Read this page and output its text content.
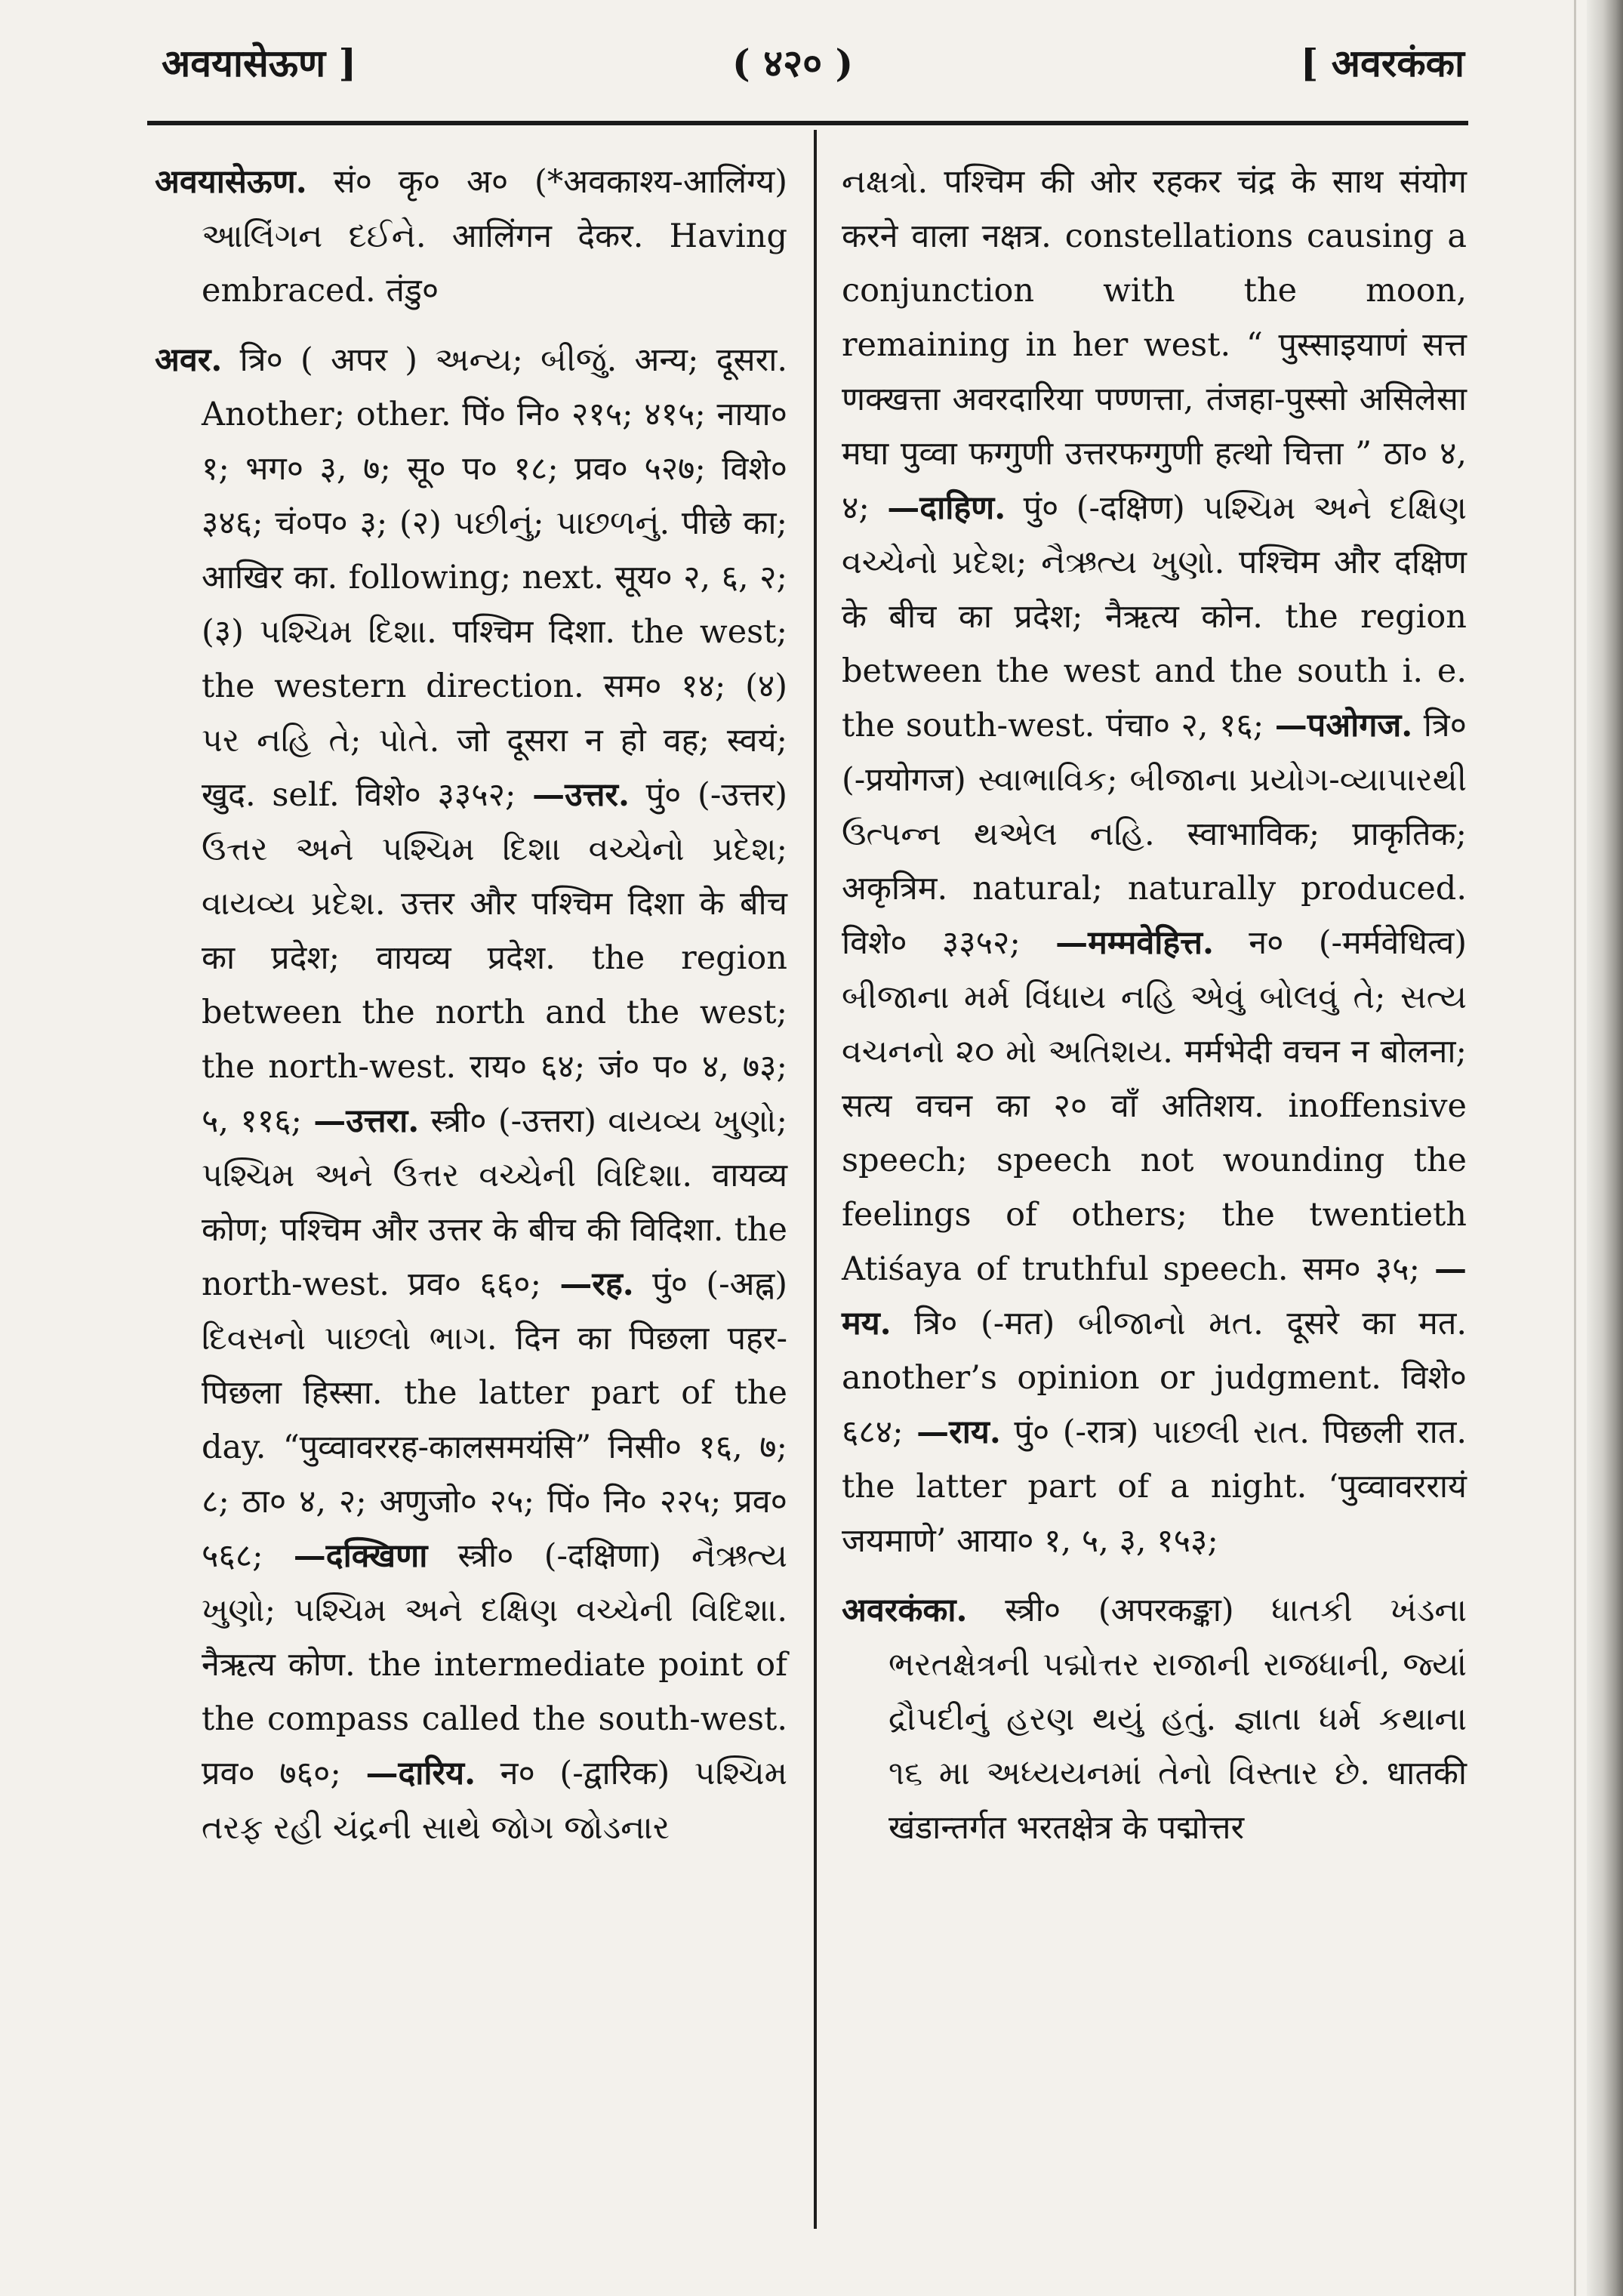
अवयासेऊण ]	( ४२० )	[ अवरकंका

अवयासेऊण. सं० कृ० अ० (*अवकाश्य-आलिंग्य) આલિંગન દઈને. आलिंगन देकर. Having embraced. तंडु०

अवर. त्रि० ( अपर ) અન્ય; બીજું. अन्य; दूसरा. Another; other. पिं० नि० २१५; ४१५; नाया० १; भग० ३, ७; सू० प० १८; प्रव० ५२७; विशे० ३४६; चं०प० ३; (२) પછીનું; પાછળનું. पीछे का; आखिर का. following; next. सूय० २, ६, २; (३) પશ્ચિમ દિશા. पश्चिम दिशा. the west; the western direction. सम० १४; (४) પર નહિ તે; પોતે. जो दूसरा न हो वह; स्वयं; खुद. self. विशे० ३३५२; —उत्तर. पुं० (-उत्तर) ઉત્તર અને પશ્ચિમ દિશા વચ્ચેનો પ્રદેશ; વાયવ્ય પ્રદેશ. उत्तर और पश्चिम दिशा के बीच का प्रदेश; वायव्य प्रदेश. the region between the north and the west; the north-west. राय० ६४; जं० प० ४, ७३; ५, ११६; —उत्तरा. स्त्री० (-उत्तरा) વાયવ્ય ખુણો; પશ્ચિમ અને ઉત્તર વચ્ચેની વિદિશા. वायव्य कोण; पश्चिम और उत्तर के बीच की विदिशा. the north-west. प्रव० ६६०; —रह. पुं० (-अह्न) દિવસનો પાછલો ભાગ. दिन का पिछला पहर-पिछला हिस्सा. the latter part of the day. “पुव्वावररह-कालसमयंसि” निसी० १६, ७; ८; ठा० ४, २; अणुजो० २५; पिं० नि० २२५; प्रव० ५६८; —दक्खिणा स्त्री० (-दक्षिणा) નૈઋત્ય ખુણો; પશ્ચિમ અને દક્ષિણ વચ્ચેની વિદિશા. नैऋत्य कोण. the intermediate point of the compass called the south-west. प्रव० ७६०; —दारिय. न० (-द्वारिक) પશ્ચિમ તરફ રહી ચંદ્રની સાથે જોગ જોડનાર

નક્ષત્રો. पश्चिम की ओर रहकर चंद्र के साथ संयोग करने वाला नक्षत्र. constellations causing a conjunction with the moon, remaining in her west. “ पुस्साइयाणं सत्त णक्खत्ता अवरदारिया पण्णत्ता, तंजहा-पुस्सो असिलेसा मघा पुव्वा फग्गुणी उत्तरफग्गुणी हत्थो चित्ता ” ठा० ४, ४; —दाहिण. पुं० (-दक्षिण) પશ્ચિમ અને દક્ષિણ વચ્ચેનો પ્રદેશ; નૈઋત્ય ખુણો. पश्चिम और दक्षिण के बीच का प्रदेश; नैऋत्य कोन. the region between the west and the south i. e. the south-west. पंचा० २, १६; —पओगज. त्रि० (-प्रयोगज) સ્વાભાવિક; બીજાના પ્રયોગ-વ્યાપારથી ઉત્પન્ન થએલ નહિ. स्वाभाविक; प्राकृतिक; अकृत्रिम. natural; naturally produced. विशे० ३३५२; —मम्मवेहित्त. न० (-मर्मवेधित्व) બીજાના મર્મ વિંધાય નહિ એવું બોલવું તે; સત્ય વચનનો ૨૦ મો અતિશય. मर्मभेदी वचन न बोलना; सत्य वचन का २० वाँ अतिशय. inoffensive speech; speech not wounding the feelings of others; the twentieth Atiśaya of truthful speech. सम० ३५; —मय. त्रि० (-मत) બીજાનો મત. दूसरे का मत. another’s opinion or judgment. विशे० ६८४; —राय. पुं० (-रात्र) પાછલી રાત. पिछली रात. the latter part of a night. ‘पुव्वावररायं जयमाणे’ आया० १, ५, ३, १५३;

अवरकंका. स्त्री० (अपरकङ्का) ધાતકી ખંડના ભરતક્ષેત્રની પદ્મોત્તર રાજાની રાજધાની, જ્યાં દ્રૌપદીનું હરણ થયું હતું. જ્ઞાતા ધર્મ કથાના ૧૬ મા અધ્યયનમાં તેનો વિસ્તાર છે. धातकी खंडान्तर्गत भरतक्षेत्र के पद्मोत्तर
